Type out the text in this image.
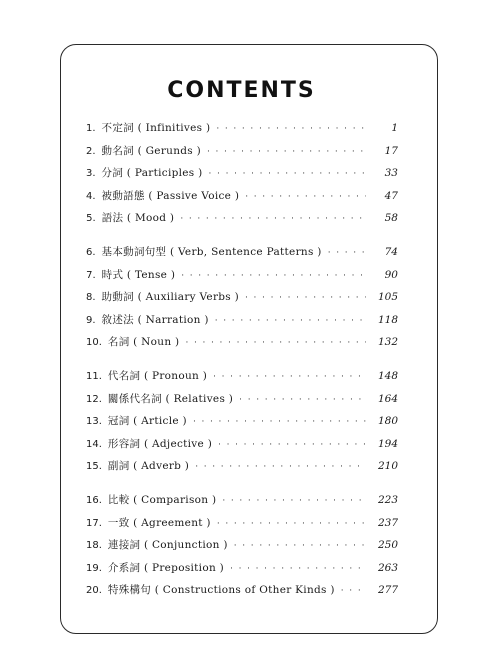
CONTENTS
1. 不定詞 ( Infinitives ) · · ·	1
2. 動名詞 ( Gerunds ) · · ·	17
3. 分詞 ( Participles ) · · ·	33
4. 被動語態 ( Passive Voice ) · · ·	47
5. 語法 ( Mood ) · · ·	58
6. 基本動詞句型 ( Verb, Sentence Patterns ) · · ·	74
7. 時式 ( Tense ) · · ·	90
8. 助動詞 ( Auxiliary Verbs ) · · ·	105
9. 敘述法 ( Narration ) · · ·	118
10. 名詞 ( Noun ) · · ·	132
11. 代名詞 ( Pronoun ) · · ·	148
12. 關係代名詞 ( Relatives ) · · ·	164
13. 冠詞 ( Article ) · · ·	180
14. 形容詞 ( Adjective ) · · ·	194
15. 副詞 ( Adverb ) · · ·	210
16. 比較 ( Comparison ) · · ·	223
17. 一致 ( Agreement ) · · ·	237
18. 連接詞 ( Conjunction ) · · ·	250
19. 介系詞 ( Preposition ) · · ·	263
20. 特殊構句 ( Constructions of Other Kinds ) · · ·	277
